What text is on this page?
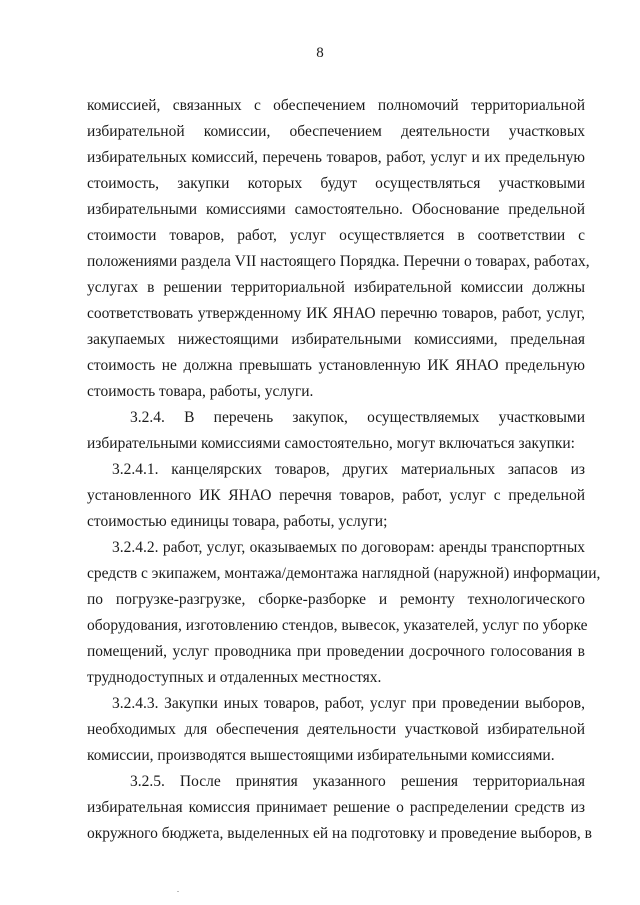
8
комиссией, связанных с обеспечением полномочий территориальной
избирательной комиссии, обеспечением деятельности участковых
избирательных комиссий, перечень товаров, работ, услуг и их предельную
стоимость, закупки которых будут осуществляться участковыми
избирательными комиссиями самостоятельно. Обоснование предельной
стоимости товаров, работ, услуг осуществляется в соответствии с
положениями раздела VII настоящего Порядка. Перечни о товарах, работах,
услугах в решении территориальной избирательной комиссии должны
соответствовать утвержденному ИК ЯНАО перечню товаров, работ, услуг,
закупаемых нижестоящими избирательными комиссиями, предельная
стоимость не должна превышать установленную ИК ЯНАО предельную
стоимость товара, работы, услуги.
3.2.4. В перечень закупок, осуществляемых участковыми
избирательными комиссиями самостоятельно, могут включаться закупки:
3.2.4.1. канцелярских товаров, других материальных запасов из
установленного ИК ЯНАО перечня товаров, работ, услуг с предельной
стоимостью единицы товара, работы, услуги;
3.2.4.2. работ, услуг, оказываемых по договорам: аренды транспортных
средств с экипажем, монтажа/демонтажа наглядной (наружной) информации,
по погрузке-разгрузке, сборке-разборке и ремонту технологического
оборудования, изготовлению стендов, вывесок, указателей, услуг по уборке
помещений, услуг проводника при проведении досрочного голосования в
труднодоступных и отдаленных местностях.
3.2.4.3. Закупки иных товаров, работ, услуг при проведении выборов,
необходимых для обеспечения деятельности участковой избирательной
комиссии, производятся вышестоящими избирательными комиссиями.
3.2.5. После принятия указанного решения территориальная
избирательная комиссия принимает решение о распределении средств из
окружного бюджета, выделенных ей на подготовку и проведение выборов, в
